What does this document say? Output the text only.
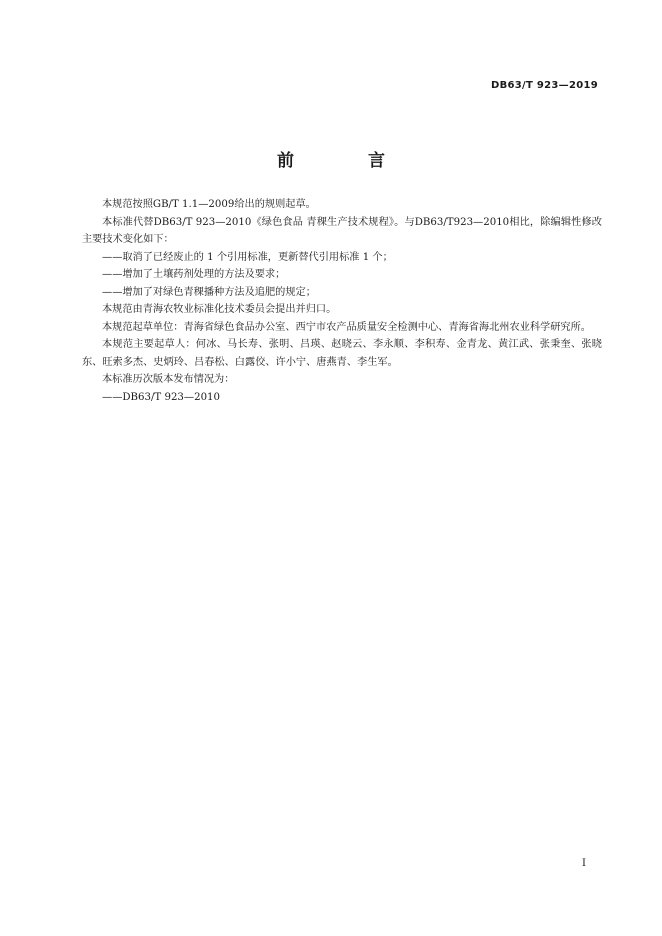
DB63/T 923—2019
前 言

本规范按照GB/T 1.1—2009给出的规则起草。

本标准代替DB63/T 923—2010《绿色食品 青稞生产技术规程》。与DB63/T923—2010相比，除编辑性修改主要技术变化如下：

——取消了已经废止的 1 个引用标准，更新替代引用标准 1 个；

——增加了土壤药剂处理的方法及要求；

——增加了对绿色青稞播种方法及追肥的规定；

本规范由青海农牧业标准化技术委员会提出并归口。

本规范起草单位：青海省绿色食品办公室、西宁市农产品质量安全检测中心、青海省海北州农业科学研究所。

本规范主要起草人：何冰、马长寿、张明、吕瑛、赵晓云、李永顺、李积寿、金青龙、黄江武、张秉奎、张晓东、旺索多杰、史炳玲、吕春松、白露佼、许小宁、唐燕青、李生军。

本标准历次版本发布情况为：

——DB63/T 923—2010

I
